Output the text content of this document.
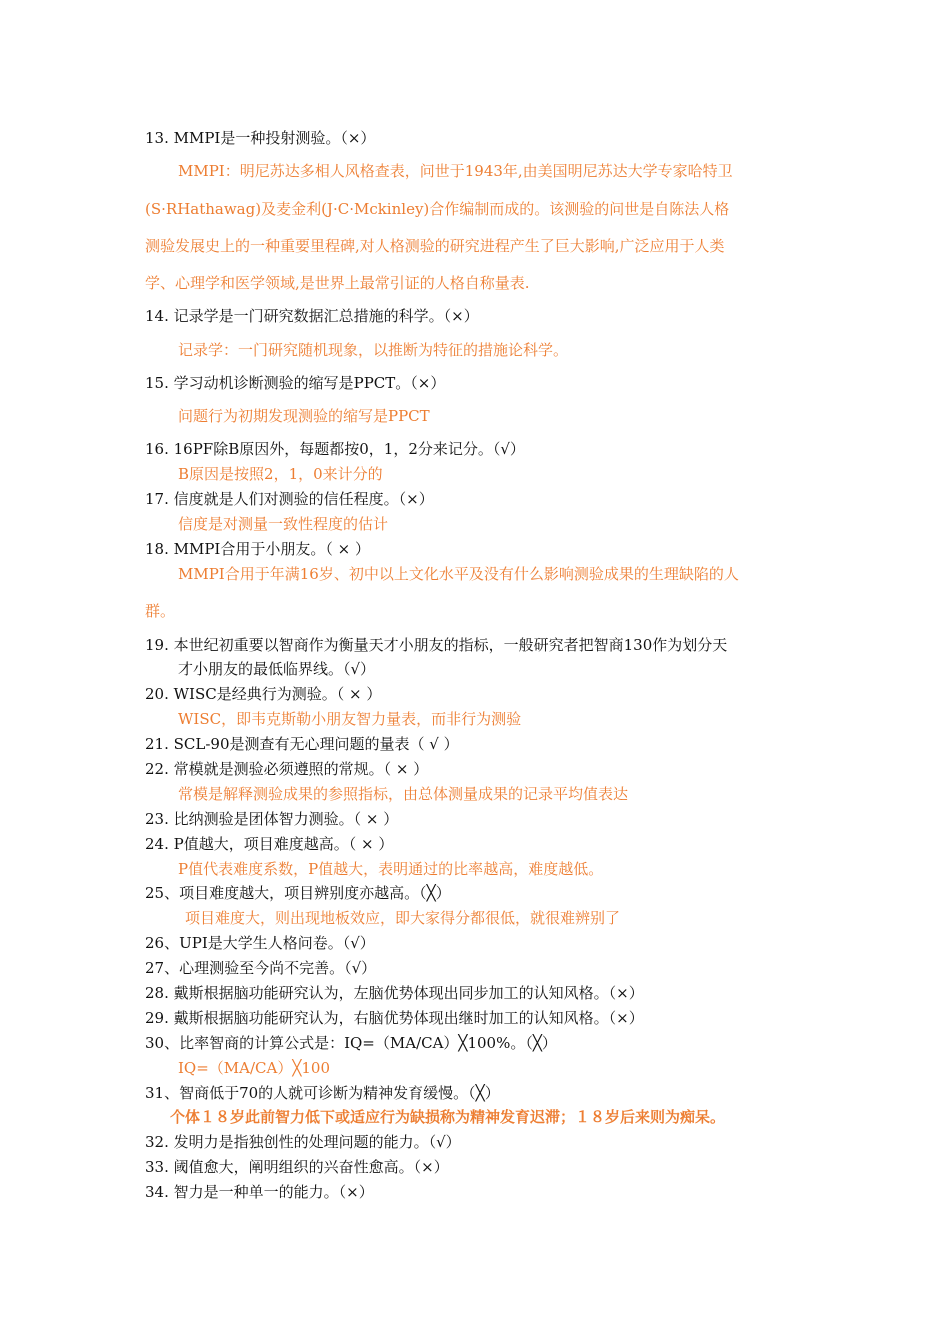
13. MMPI是一种投射测验。（×）

MMPI：明尼苏达多相人风格查表，问世于1943年,由美国明尼苏达大学专家哈特卫

(S·RHathawag)及麦金利(J·C·Mckinley)合作编制而成的。该测验的问世是自陈法人格

测验发展史上的一种重要里程碑,对人格测验的研究进程产生了巨大影响,广泛应用于人类

学、心理学和医学领域,是世界上最常引证的人格自称量表.

14. 记录学是一门研究数据汇总措施的科学。（×）

记录学：一门研究随机现象，以推断为特征的措施论科学。

15. 学习动机诊断测验的缩写是PPCT。（×）

问题行为初期发现测验的缩写是PPCT

16. 16PF除B原因外，每题都按0，1，2分来记分。（√）

B原因是按照2，1，0来计分的

17. 信度就是人们对测验的信任程度。（×）

信度是对测量一致性程度的估计

18. MMPI合用于小朋友。（ × ）

MMPI合用于年满16岁、初中以上文化水平及没有什么影响测验成果的生理缺陷的人

群。

19. 本世纪初重要以智商作为衡量天才小朋友的指标，一般研究者把智商130作为划分天

才小朋友的最低临界线。（√）

20. WISC是经典行为测验。（ × ）

WISC，即韦克斯勒小朋友智力量表，而非行为测验

21. SCL-90是测查有无心理问题的量表（ √ ）

22. 常模就是测验必须遵照的常规。（ × ）

常模是解释测验成果的参照指标，由总体测量成果的记录平均值表达

23. 比纳测验是团体智力测验。（ × ）

24. P值越大，项目难度越高。（ × ）

P值代表难度系数，P值越大，表明通过的比率越高，难度越低。

25、项目难度越大，项目辨别度亦越高。（╳）

项目难度大，则出现地板效应，即大家得分都很低，就很难辨别了

26、UPI是大学生人格问卷。（√）

27、心理测验至今尚不完善。（√）

28. 戴斯根据脑功能研究认为，左脑优势体现出同步加工的认知风格。（×）

29. 戴斯根据脑功能研究认为，右脑优势体现出继时加工的认知风格。（×）

30、比率智商的计算公式是：IQ=（MA/CA）╳100%。（╳）

IQ=（MA/CA）╳100

31、智商低于70的人就可诊断为精神发育缓慢。（╳）

个体１８岁此前智力低下或适应行为缺损称为精神发育迟滞；１８岁后来则为痴呆。

32. 发明力是指独创性的处理问题的能力。（√）

33. 阈值愈大，阐明组织的兴奋性愈高。（×）

34. 智力是一种单一的能力。（×）
